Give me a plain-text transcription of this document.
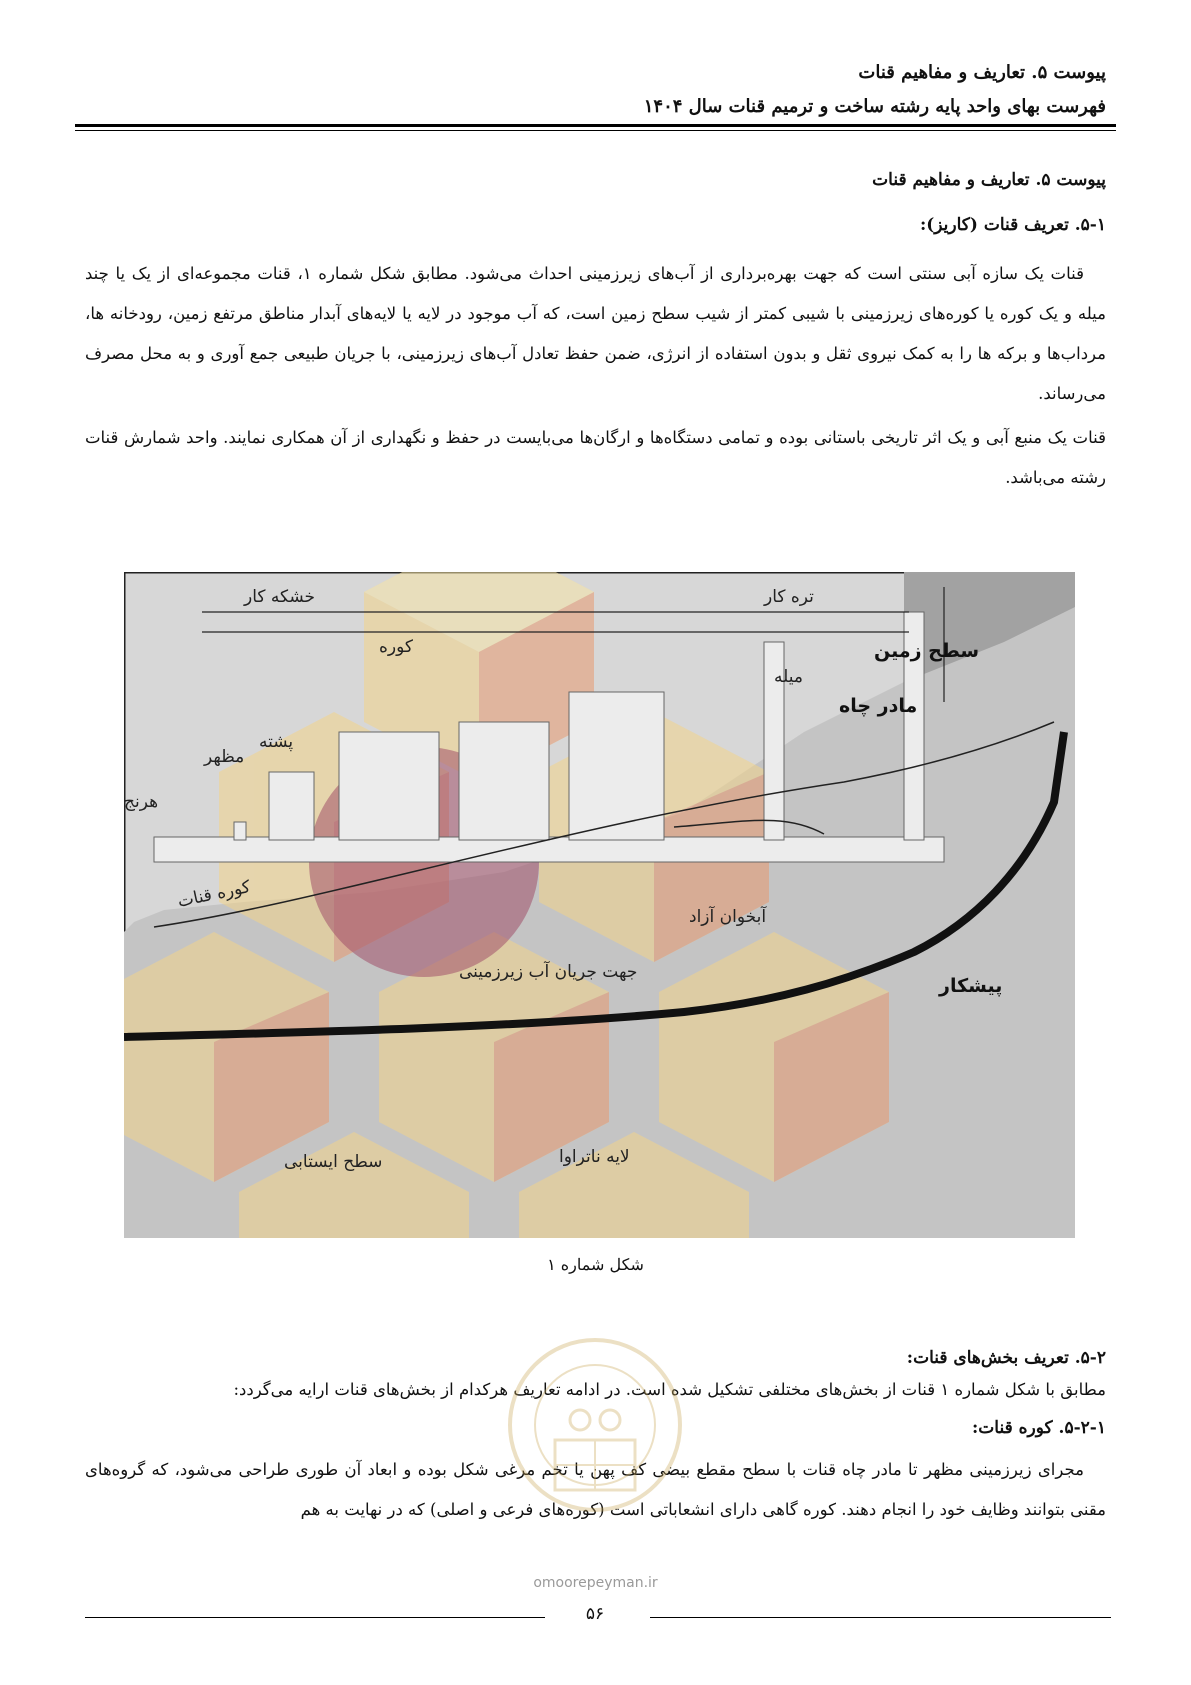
پیوست ۵. تعاریف و مفاهیم قنات
فهرست بهای واحد پایه رشته ساخت و ترمیم قنات سال ۱۴۰۴
پیوست ۵. تعاریف و مفاهیم قنات
۵-۱. تعریف قنات (کاریز):
قنات یک سازه آبی سنتی است که جهت بهره‌برداری از آب‌های زیرزمینی احداث می‌شود. مطابق شکل شماره ۱، قنات مجموعه‌ای از یک یا چند میله و یک کوره یا کوره‌های زیرزمینی با شیبی کمتر از شیب سطح زمین است، که آب موجود در لایه یا لایه‌های آبدار مناطق مرتفع زمین، رودخانه ها، مرداب‌ها و برکه ها را به کمک نیروی ثقل و بدون استفاده از انرژی، ضمن حفظ تعادل آب‌های زیرزمینی، با جریان طبیعی جمع آوری و به محل مصرف می‌رساند.
قنات یک منبع آبی و یک اثر تاریخی باستانی بوده و تمامی دستگاه‌ها و ارگان‌ها می‌بایست در حفظ و نگهداری از آن همکاری نمایند. واحد شمارش قنات رشته می‌باشد.
خشکه کار	تره کار
کوره	سطح زمین
میله
مادر چاه
پشته
مظهر
هرنج
کوره قنات
آبخوان آزاد
جهت جریان آب زیرزمینی
پیشکار
سطح ایستابی	لایه ناتراوا
شکل شماره ۱
۵-۲. تعریف بخش‌های قنات:
مطابق با شکل شماره ۱ قنات از بخش‌های مختلفی تشکیل شده است. در ادامه تعاریف هرکدام از بخش‌های قنات ارایه می‌گردد:
۵-۲-۱. کوره قنات:
مجرای زیرزمینی مظهر تا مادر چاه قنات با سطح مقطع بیضی کف پهن یا تخم مرغی شکل بوده و ابعاد آن طوری طراحی می‌شود، که گروه‌های مقنی بتوانند وظایف خود را انجام دهند. کوره گاهی دارای انشعاباتی است (کوره‌های فرعی و اصلی) که در نهایت به هم
omoorepeyman.ir
۵۶
